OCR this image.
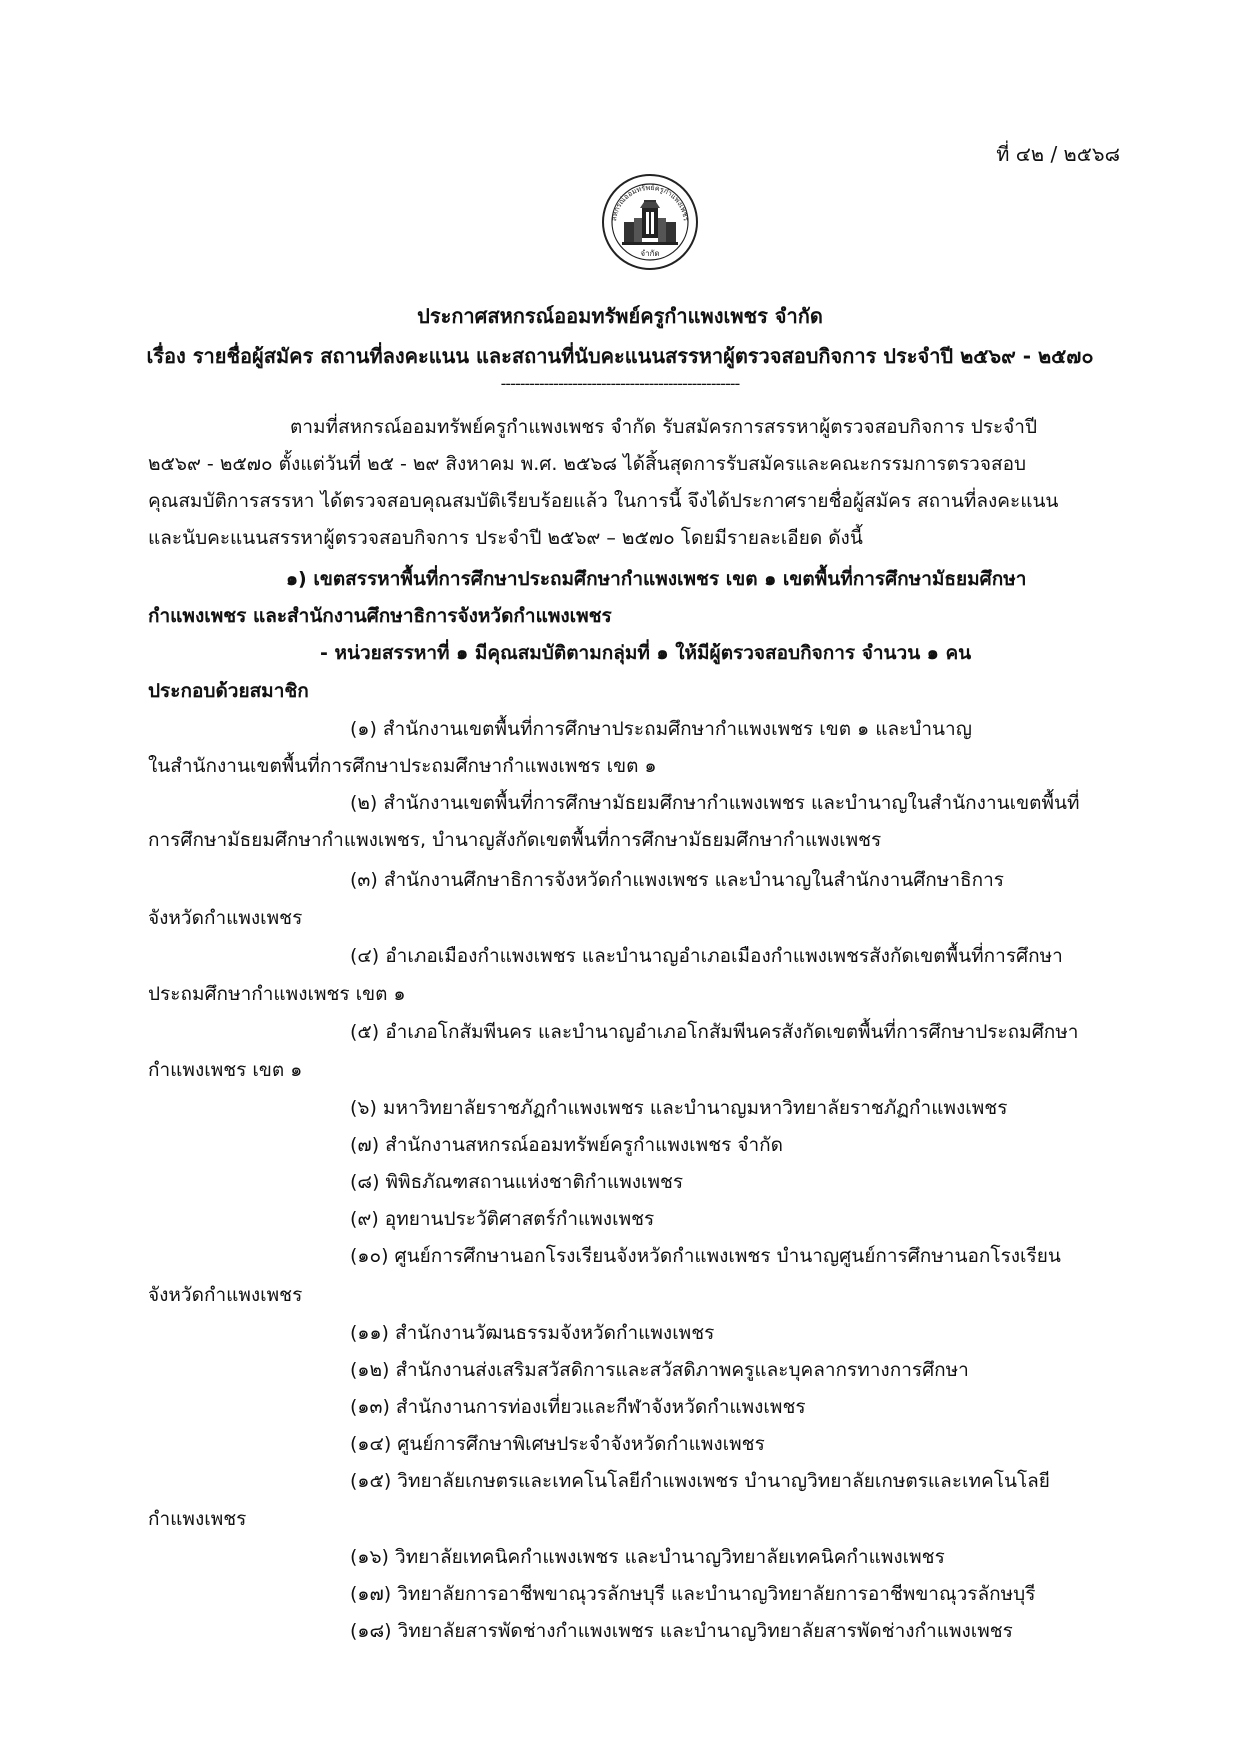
ที่ ๔๒ / ๒๕๖๘
สหกรณ์ออมทรัพย์ครูกำแพงเพชร
จำกัด
ประกาศสหกรณ์ออมทรัพย์ครูกำแพงเพชร จำกัด
เรื่อง รายชื่อผู้สมัคร สถานที่ลงคะแนน และสถานที่นับคะแนนสรรหาผู้ตรวจสอบกิจการ ประจำปี ๒๕๖๙ - ๒๕๗๐
--------------------------------------------------
ตามที่สหกรณ์ออมทรัพย์ครูกำแพงเพชร จำกัด รับสมัครการสรรหาผู้ตรวจสอบกิจการ ประจำปี
๒๕๖๙ - ๒๕๗๐ ตั้งแต่วันที่ ๒๕ - ๒๙ สิงหาคม พ.ศ. ๒๕๖๘ ได้สิ้นสุดการรับสมัครและคณะกรรมการตรวจสอบ
คุณสมบัติการสรรหา ได้ตรวจสอบคุณสมบัติเรียบร้อยแล้ว ในการนี้ จึงได้ประกาศรายชื่อผู้สมัคร สถานที่ลงคะแนน
และนับคะแนนสรรหาผู้ตรวจสอบกิจการ ประจำปี ๒๕๖๙ – ๒๕๗๐ โดยมีรายละเอียด ดังนี้
๑) เขตสรรหาพื้นที่การศึกษาประถมศึกษากำแพงเพชร เขต ๑ เขตพื้นที่การศึกษามัธยมศึกษา
กำแพงเพชร และสำนักงานศึกษาธิการจังหวัดกำแพงเพชร
- หน่วยสรรหาที่ ๑ มีคุณสมบัติตามกลุ่มที่ ๑ ให้มีผู้ตรวจสอบกิจการ จำนวน ๑ คน
ประกอบด้วยสมาชิก
(๑) สำนักงานเขตพื้นที่การศึกษาประถมศึกษากำแพงเพชร เขต ๑ และบำนาญ
ในสำนักงานเขตพื้นที่การศึกษาประถมศึกษากำแพงเพชร เขต ๑
(๒) สำนักงานเขตพื้นที่การศึกษามัธยมศึกษากำแพงเพชร และบำนาญในสำนักงานเขตพื้นที่
การศึกษามัธยมศึกษากำแพงเพชร, บำนาญสังกัดเขตพื้นที่การศึกษามัธยมศึกษากำแพงเพชร
(๓) สำนักงานศึกษาธิการจังหวัดกำแพงเพชร และบำนาญในสำนักงานศึกษาธิการ
จังหวัดกำแพงเพชร
(๔) อำเภอเมืองกำแพงเพชร และบำนาญอำเภอเมืองกำแพงเพชรสังกัดเขตพื้นที่การศึกษา
ประถมศึกษากำแพงเพชร เขต ๑
(๕) อำเภอโกสัมพีนคร และบำนาญอำเภอโกสัมพีนครสังกัดเขตพื้นที่การศึกษาประถมศึกษา
กำแพงเพชร เขต ๑
(๖) มหาวิทยาลัยราชภัฏกำแพงเพชร และบำนาญมหาวิทยาลัยราชภัฏกำแพงเพชร
(๗) สำนักงานสหกรณ์ออมทรัพย์ครูกำแพงเพชร จำกัด
(๘) พิพิธภัณฑสถานแห่งชาติกำแพงเพชร
(๙) อุทยานประวัติศาสตร์กำแพงเพชร
(๑๐) ศูนย์การศึกษานอกโรงเรียนจังหวัดกำแพงเพชร บำนาญศูนย์การศึกษานอกโรงเรียน
จังหวัดกำแพงเพชร
(๑๑) สำนักงานวัฒนธรรมจังหวัดกำแพงเพชร
(๑๒) สำนักงานส่งเสริมสวัสดิการและสวัสดิภาพครูและบุคลากรทางการศึกษา
(๑๓) สำนักงานการท่องเที่ยวและกีฬาจังหวัดกำแพงเพชร
(๑๔) ศูนย์การศึกษาพิเศษประจำจังหวัดกำแพงเพชร
(๑๕) วิทยาลัยเกษตรและเทคโนโลยีกำแพงเพชร บำนาญวิทยาลัยเกษตรและเทคโนโลยี
กำแพงเพชร
(๑๖) วิทยาลัยเทคนิคกำแพงเพชร และบำนาญวิทยาลัยเทคนิคกำแพงเพชร
(๑๗) วิทยาลัยการอาชีพขาณุวรลักษบุรี และบำนาญวิทยาลัยการอาชีพขาณุวรลักษบุรี
(๑๘) วิทยาลัยสารพัดช่างกำแพงเพชร และบำนาญวิทยาลัยสารพัดช่างกำแพงเพชร
